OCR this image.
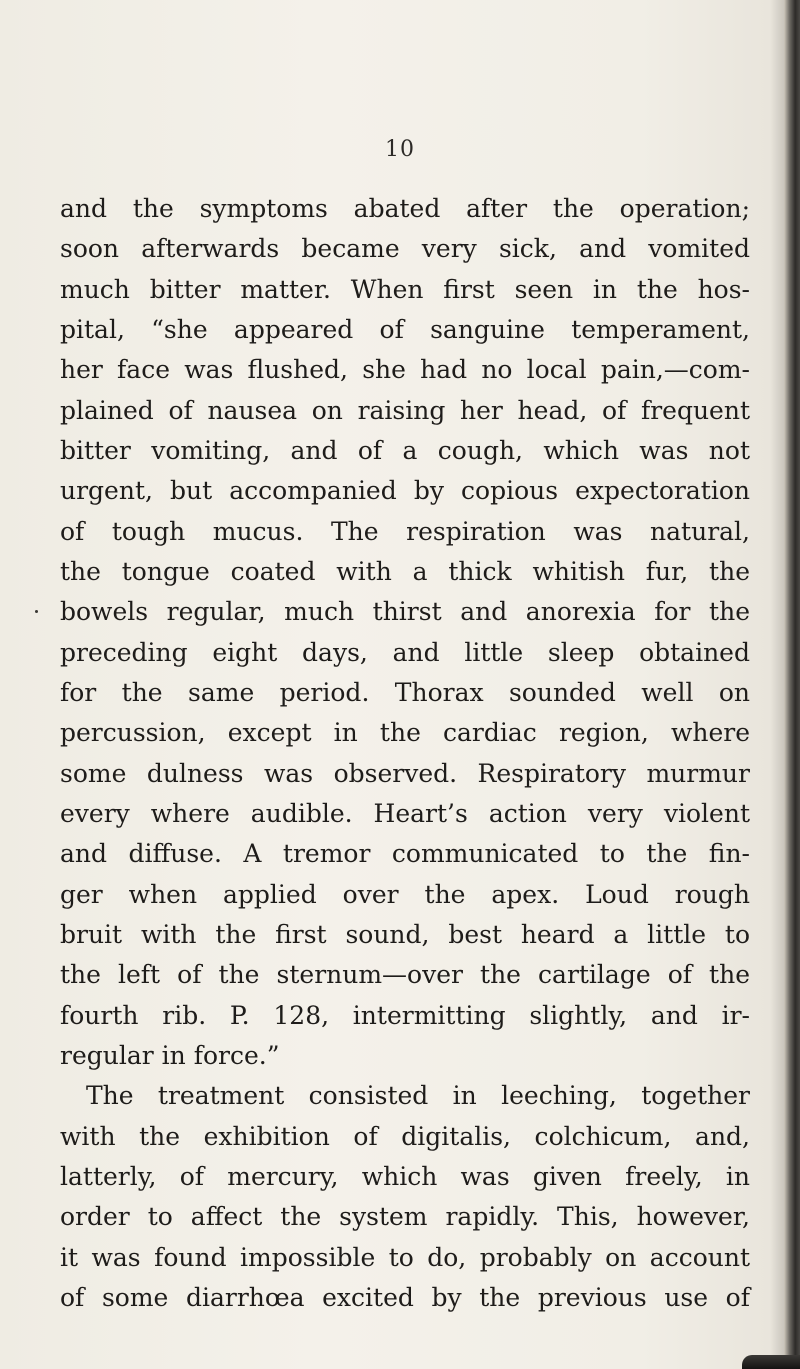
10

and the symptoms abated after the operation;

soon afterwards became very sick, and vomited

much bitter matter. When first seen in the hos-

pital, “she appeared of sanguine temperament,

her face was flushed, she had no local pain,—com-

plained of nausea on raising her head, of frequent

bitter vomiting, and of a cough, which was not

urgent, but accompanied by copious expectoration

of tough mucus. The respiration was natural,

the tongue coated with a thick whitish fur, the

bowels regular, much thirst and anorexia for the

preceding eight days, and little sleep obtained

for the same period. Thorax sounded well on

percussion, except in the cardiac region, where

some dulness was observed. Respiratory murmur

every where audible. Heart’s action very violent

and diffuse. A tremor communicated to the fin-

ger when applied over the apex. Loud rough

bruit with the first sound, best heard a little to

the left of the sternum—over the cartilage of the

fourth rib. P. 128, intermitting slightly, and ir-

regular in force.”

The treatment consisted in leeching, together

with the exhibition of digitalis, colchicum, and,

latterly, of mercury, which was given freely, in

order to affect the system rapidly. This, however,

it was found impossible to do, probably on account

of some diarrhœa excited by the previous use of
